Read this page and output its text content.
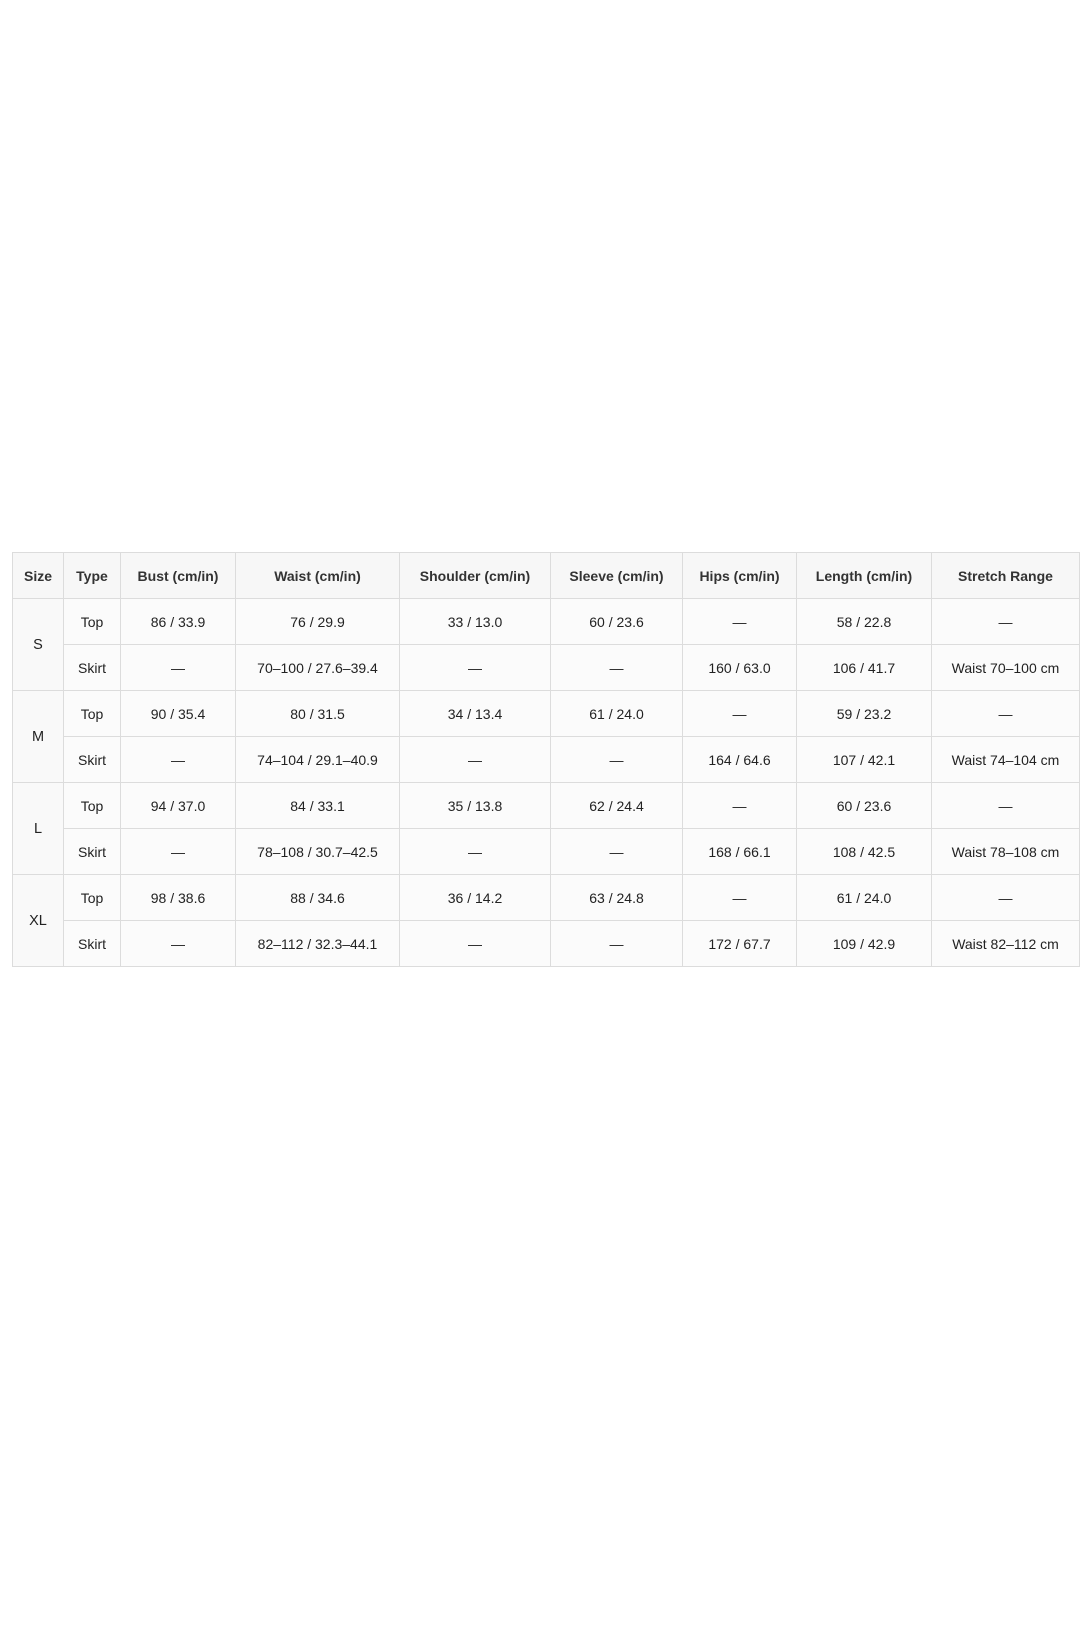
Size	Type	Bust (cm/in)	Waist (cm/in)	Shoulder (cm/in)	Sleeve (cm/in)	Hips (cm/in)	Length (cm/in)	Stretch Range
S	Top	86 / 33.9	76 / 29.9	33 / 13.0	60 / 23.6	—	58 / 22.8	—
	Skirt	—	70–100 / 27.6–39.4	—	—	160 / 63.0	106 / 41.7	Waist 70–100 cm
M	Top	90 / 35.4	80 / 31.5	34 / 13.4	61 / 24.0	—	59 / 23.2	—
	Skirt	—	74–104 / 29.1–40.9	—	—	164 / 64.6	107 / 42.1	Waist 74–104 cm
L	Top	94 / 37.0	84 / 33.1	35 / 13.8	62 / 24.4	—	60 / 23.6	—
	Skirt	—	78–108 / 30.7–42.5	—	—	168 / 66.1	108 / 42.5	Waist 78–108 cm
XL	Top	98 / 38.6	88 / 34.6	36 / 14.2	63 / 24.8	—	61 / 24.0	—
	Skirt	—	82–112 / 32.3–44.1	—	—	172 / 67.7	109 / 42.9	Waist 82–112 cm
